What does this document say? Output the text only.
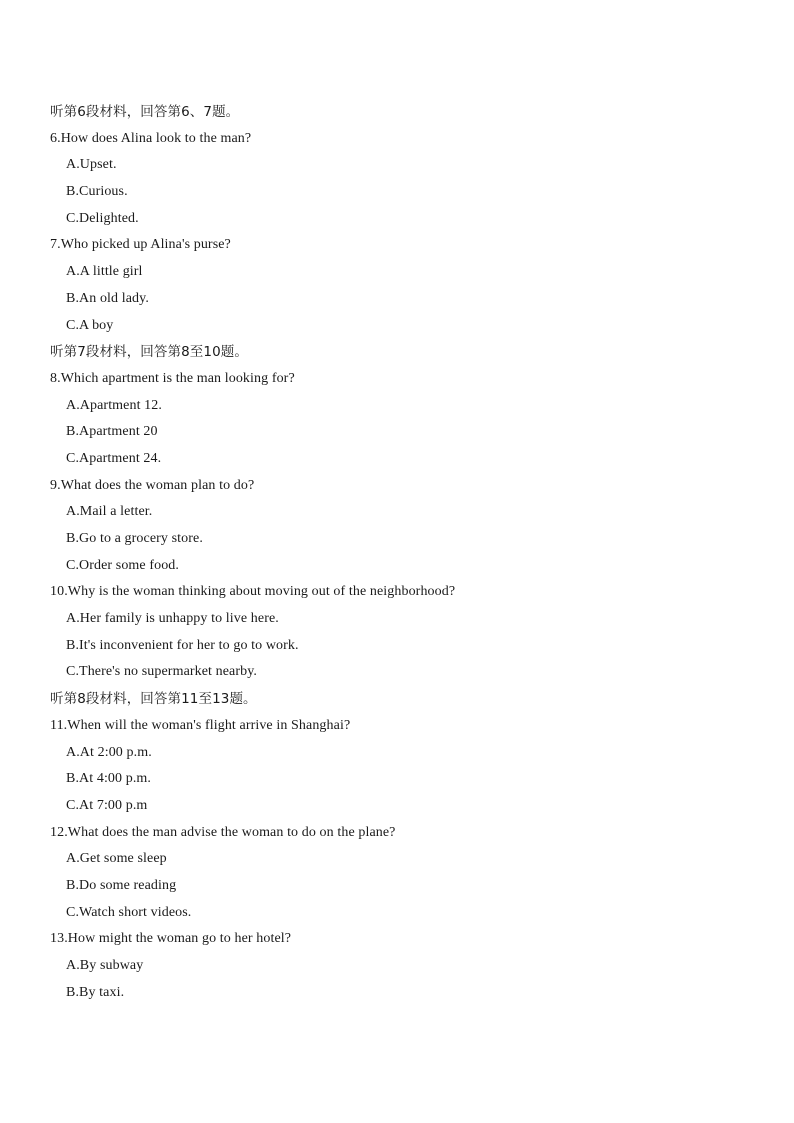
听第6段材料，回答第6、7题。
6.How does Alina look to the man?
A.Upset.
B.Curious.
C.Delighted.
7.Who picked up Alina's purse?
A.A little girl
B.An old lady.
C.A boy
听第7段材料，回答第8至10题。
8.Which apartment is the man looking for?
A.Apartment 12.
B.Apartment 20
C.Apartment 24.
9.What does the woman plan to do?
A.Mail a letter.
B.Go to a grocery store.
C.Order some food.
10.Why is the woman thinking about moving out of the neighborhood?
A.Her family is unhappy to live here.
B.It's inconvenient for her to go to work.
C.There's no supermarket nearby.
听第8段材料，回答第11至13题。
11.When will the woman's flight arrive in Shanghai?
A.At 2:00 p.m.
B.At 4:00 p.m.
C.At 7:00 p.m
12.What does the man advise the woman to do on the plane?
A.Get some sleep
B.Do some reading
C.Watch short videos.
13.How might the woman go to her hotel?
A.By subway
B.By taxi.
